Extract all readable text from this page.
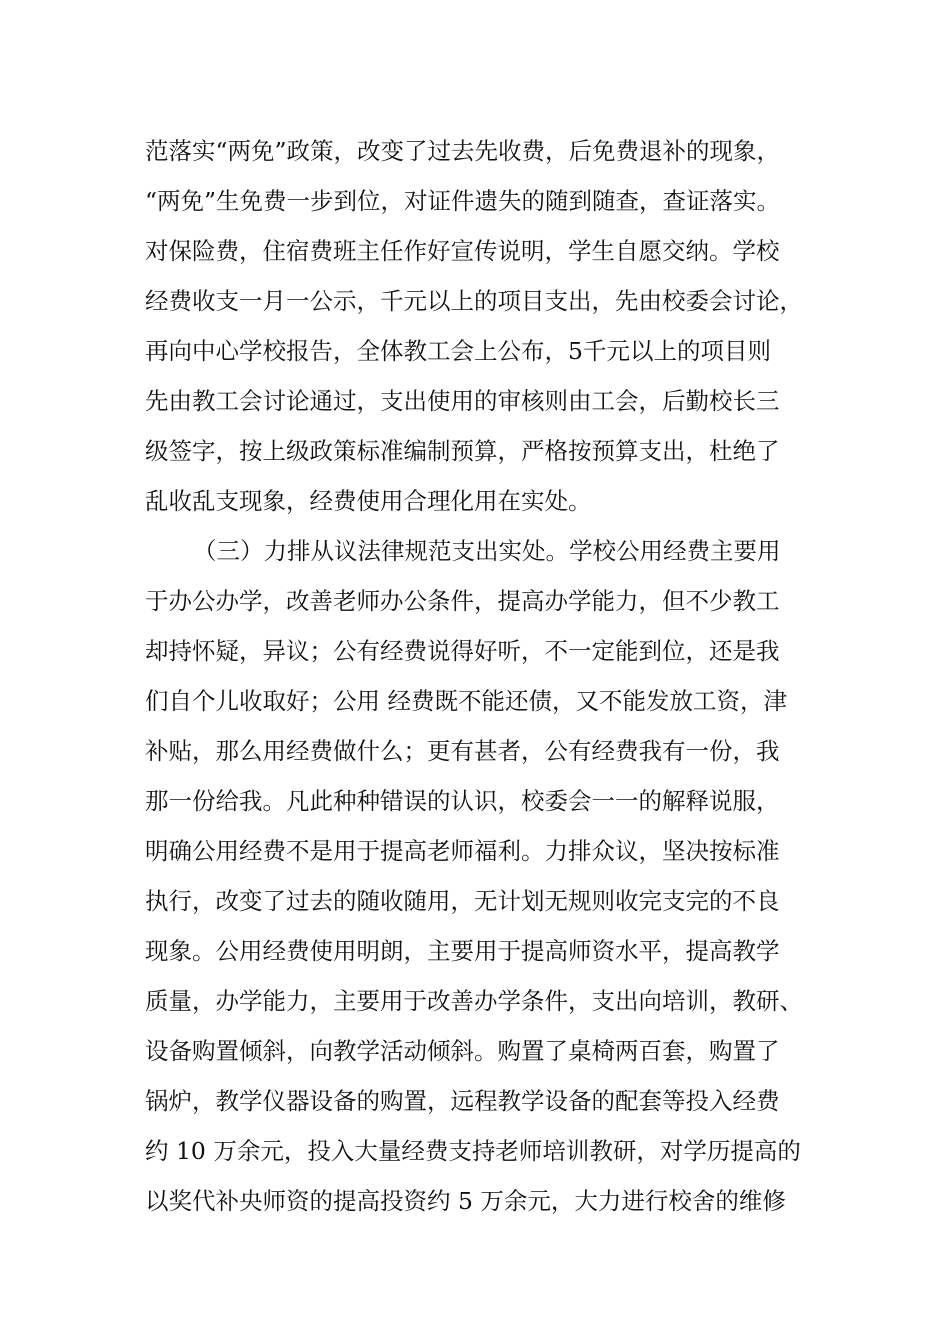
范落实“两免”政策，改变了过去先收费，后免费退补的现象，
“两免”生免费一步到位，对证件遗失的随到随查，查证落实。
对保险费，住宿费班主任作好宣传说明，学生自愿交纳。学校
经费收支一月一公示，千元以上的项目支出，先由校委会讨论，
再向中心学校报告，全体教工会上公布，5千元以上的项目则
先由教工会讨论通过，支出使用的审核则由工会，后勤校长三
级签字，按上级政策标准编制预算，严格按预算支出，杜绝了
乱收乱支现象，经费使用合理化用在实处。
（三）力排从议法律规范支出实处。学校公用经费主要用
于办公办学，改善老师办公条件，提高办学能力，但不少教工
却持怀疑，异议；公有经费说得好听，不一定能到位，还是我
们自个儿收取好；公用 经费既不能还债，又不能发放工资，津
补贴，那么用经费做什么；更有甚者，公有经费我有一份，我
那一份给我。凡此种种错误的认识，校委会一一的解释说服，
明确公用经费不是用于提高老师福利。力排众议，坚决按标准
执行，改变了过去的随收随用，无计划无规则收完支完的不良
现象。公用经费使用明朗，主要用于提高师资水平，提高教学
质量，办学能力，主要用于改善办学条件，支出向培训，教研、
设备购置倾斜，向教学活动倾斜。购置了桌椅两百套，购置了
锅炉，教学仪器设备的购置，远程教学设备的配套等投入经费
约 10 万余元，投入大量经费支持老师培训教研，对学历提高的
以奖代补央师资的提高投资约 5 万余元，大力进行校舍的维修
